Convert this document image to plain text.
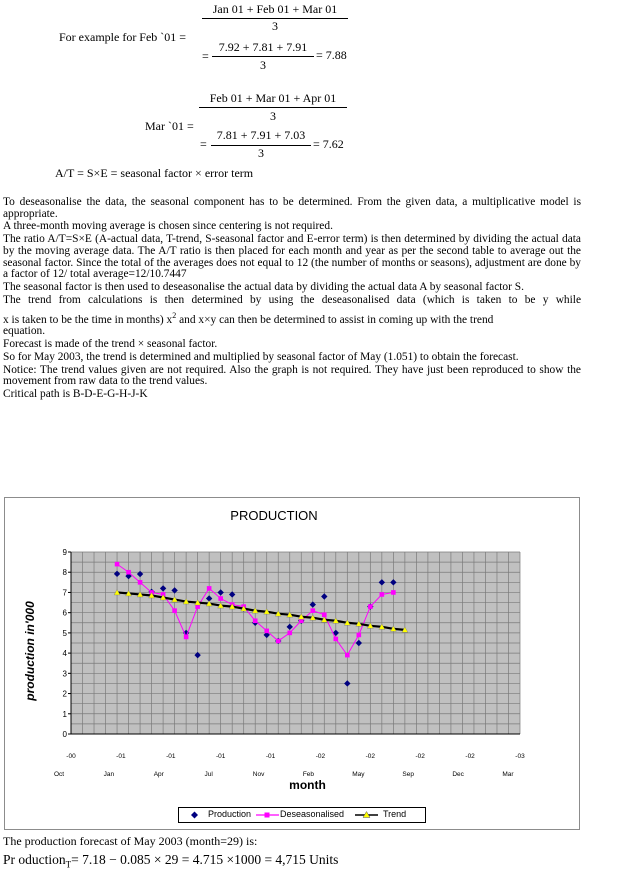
For example for Feb `01 =
Jan 01 + Feb 01 + Mar 01
3
=
7.92 + 7.81 + 7.91
3
= 7.88
Mar `01 =
Feb 01 + Mar 01 + Apr 01
3
=
7.81 + 7.91 + 7.03
3
= 7.62
A/T = S×E = seasonal factor × error term

To deseasonalise the data, the seasonal component has to be determined. From the given data, a multiplicative model is appropriate.

A three-month moving average is chosen since centering is not required.

The ratio A/T=S×E (A-actual data, T-trend, S-seasonal factor and E-error term) is then determined by dividing the actual data by the moving average data. The A/T ratio is then placed for each month and year as per the second table to average out the seasonal factor. Since the total of the averages does not equal to 12 (the number of months or seasons), adjustment are done by a factor of 12/ total average=12/10.7447

The seasonal factor is then used to deseasonalise the actual data by dividing the actual data A by seasonal factor S.

The trend from calculations is then determined by using the deseasonalised data (which is taken to be y while
x is taken to be the time in months) $x^2$ and x×y can then be determined to assist in coming up with the trend
equation.

Forecast is made of the trend × seasonal factor.

So for May 2003, the trend is determined and multiplied by seasonal factor of May (1.051) to obtain the forecast.

Notice: The trend values given are not required. Also the graph is not required. They have just been reproduced to show the movement from raw data to the trend values.

Critical path is B-D-E-G-H-J-K

PRODUCTION
0
1
2
3
4
5
6
7
8
9
-00
Oct
-01
Jan
-01
Apr
-01
Jul
-01
Nov
-02
Feb
-02
May
-02
Sep
-02
Dec
-03
Mar
month
production in'000
Production	Deseasonalised	Trend
The production forecast of May 2003 (month=29) is:
Pr oduction$_T$= 7.18 − 0.085 × 29 = 4.715 ×1000 = 4,715 Units
